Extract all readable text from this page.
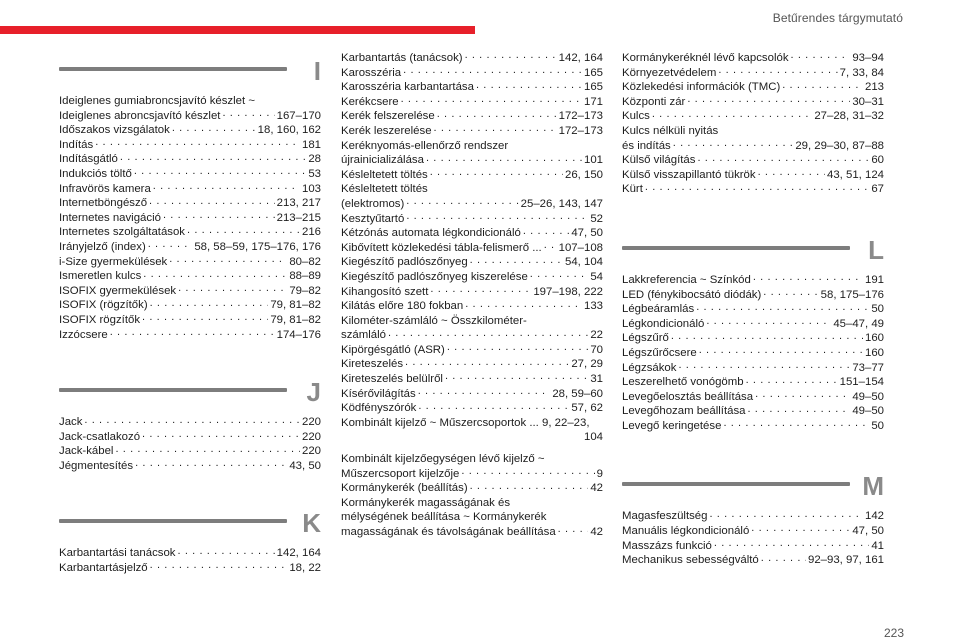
Betűrendes tárgymutató
I
Ideiglenes gumiabroncsjavító készlet ~
Ideiglenes abroncsjavító készlet . . .	167–170
Időszakos vizsgálatok . . .	18, 160, 162
Indítás . . .	181
Indításgátló . . .	28
Indukciós töltő . . .	53
Infravörös kamera . . .	103
Internetböngésző . . .	213, 217
Internetes navigáció . . .	213–215
Internetes szolgáltatások . . .	216
Irányjelző (index) . . .	58, 58–59, 175–176, 176
i-Size gyermekülések . . .	80–82
Ismeretlen kulcs . . .	88–89
ISOFIX gyermekülések . . .	79–82
ISOFIX (rögzítők) . . .	79, 81–82
ISOFIX rögzítők . . .	79, 81–82
Izzócsere . . .	174–176
J
Jack . . .	220
Jack-csatlakozó . . .	220
Jack-kábel . . .	220
Jégmentesítés . . .	43, 50
K
Karbantartási tanácsok . . .	142, 164
Karbantartásjelző . . .	18, 22
Karbantartás (tanácsok) . . .	142, 164
Karosszéria . . .	165
Karosszéria karbantartása . . .	165
Kerékcsere . . .	171
Kerék felszerelése . . .	172–173
Kerék leszerelése . . .	172–173
Keréknyomás-ellenőrző rendszer
újrainicializálása . . .	101
Késleltetett töltés . . .	26, 150
Késleltetett töltés
(elektromos) . . .	25–26, 143, 147
Kesztyűtartó . . .	52
Kétzónás automata légkondicionáló . . .	47, 50
Kibővített közlekedési tábla-felismerő ... . . . 107–108
Kiegészítő padlószőnyeg . . .	54, 104
Kiegészítő padlószőnyeg kiszerelése . . .	54
Kihangosító szett . . .	197–198, 222
Kilátás előre 180 fokban . . .	133
Kilométer-számláló ~ Összkilométer-
számláló . . .	22
Kipörgésgátló (ASR) . . .	70
Kireteszelés . . .	27, 29
Kireteszelés belülről . . .	31
Kísérővilágítás . . .	28, 59–60
Ködfényszórók . . .	57, 62
Kombinált kijelző ~ Műszercsoportok ... 9, 22–23,
104
Kombinált kijelzőegységen lévő kijelző ~
Műszercsoport kijelzője . . .	9
Kormánykerék (beállítás) . . .	42
Kormánykerék magasságának és
mélységének beállítása ~ Kormánykerék
magasságának és távolságának beállítása . . .	42
Kormánykeréknél lévő kapcsolók . . .	93–94
Környezetvédelem . . .	7, 33, 84
Közlekedési információk (TMC) . . .	213
Központi zár . . .	30–31
Kulcs . . .	27–28, 31–32
Kulcs nélküli nyitás
és indítás . . .	29, 29–30, 87–88
Külső világítás . . .	60
Külső visszapillantó tükrök . . .	43, 51, 124
Kürt . . .	67
L
Lakkreferencia ~ Színkód . . .	191
LED (fénykibocsátó diódák) . . .	58, 175–176
Légbeáramlás . . .	50
Légkondicionáló . . .	45–47, 49
Légszűrő . . .	160
Légszűrőcsere . . .	160
Légzsákok . . .	73–77
Leszerelhető vonógömb . . .	151–154
Levegőelosztás beállítása . . .	49–50
Levegőhozam beállítása . . .	49–50
Levegő keringetése . . .	50
M
Magasfeszültség . . .	142
Manuális légkondicionáló . . .	47, 50
Masszázs funkció . . .	41
Mechanikus sebességváltó . . .	92–93, 97, 161
223
